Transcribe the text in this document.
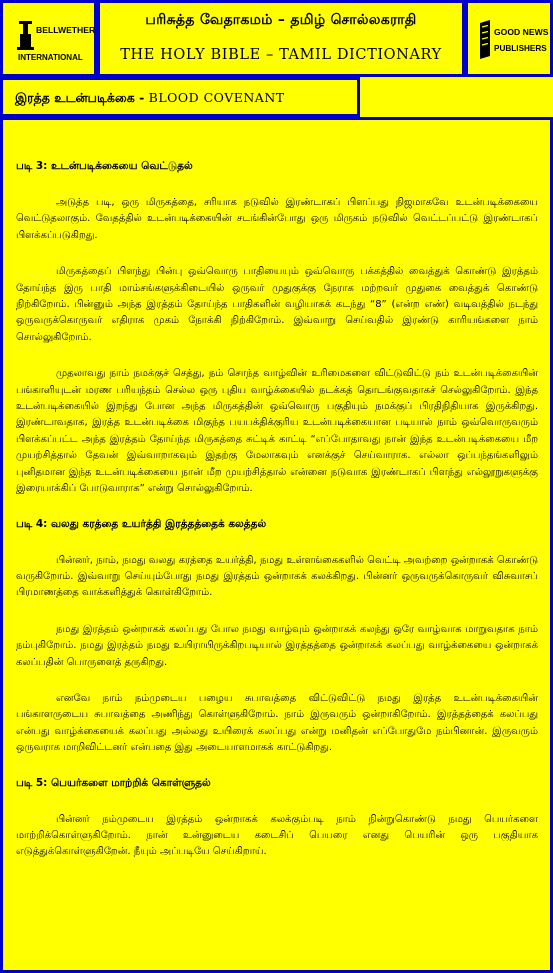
BELLWETHER
INTERNATIONAL
பரிசுத்த வேதாகமம் – தமிழ் சொல்லகராதி
THE HOLY BIBLE – TAMIL DICTIONARY
GOOD NEWS
PUBLISHERS
இரத்த உடன்படிக்கை - BLOOD COVENANT
படி 3: உடன்படிக்கையை வெட்டுதல்

அடுத்த படி, ஒரு மிருகத்தை, சரியாக நடுவில் இரண்டாகப் பிளப்பது நிஜமாகவே உடன்படிக்கையை வெட்டுதலாகும். வேதத்தில் உடன்படிக்கையின் சடங்கின்போது ஒரு மிருகம் நடுவில் வெட்டப்பட்டு இரண்டாகப் பிளக்கப்படுகிறது.

மிருகத்தைப் பிளந்து பின்பு ஒவ்வொரு பாதியையும் ஒவ்வொரு பக்கத்தில் வைத்துக் கொண்டு இரத்தம் தோய்ந்த இரு பாதி மாம்சங்களுக்கிடையில் ஒருவர் முதுகுக்கு நேராக மற்றவர் முதுகை வைத்துக் கொண்டு நிற்கிறோம். பின்னும் அந்த இரத்தம் தோய்ந்த பாதிகளின் வழியாகக் கடந்து “8” (என்ற எண்) வடிவத்தில் நடந்து ஒருவருக்கொருவர் எதிராக முகம் நோக்கி நிற்கிறோம். இவ்வாறு செய்வதில் இரண்டு காரியங்களை நாம் சொல்லுகிறோம்.

முதலாவது நாம் நமக்குச் செத்து, நம் சொந்த வாழ்வின் உரிமைகளை விட்டுவிட்டு நம் உடன்படிக்கையின் பங்காளியுடன் மரண பரியந்தம் செல்ல ஒரு புதிய வாழ்க்கையில் நடக்கத் தொடங்குவதாகச் செல்லுகிறோம். இந்த உடன்படிக்கையில் இறந்து போன அந்த மிருகத்தின் ஒவ்வொரு பகுதியும் நமக்குப் பிரதிநிதியாக இருக்கிறது. இரண்டாவதாக, இரத்த உடன்படிக்கை மிகுந்த பயபக்திக்குரிய உடன்படிக்கையான படியால் நாம் ஒவ்வொருவரும் பிளக்கப்பட்ட அந்த இரத்தம் தோய்ந்த மிருகத்தை சுட்டிக் காட்டி “எப்போதாவது நான் இந்த உடன்படிக்கையை மீற முயற்சித்தால் தேவன் இவ்வாறாகவும் இதற்கு மேலாகவும் எனக்குச் செய்வாராக. எல்லா ஒப்பந்தங்களிலும் புனிதமான இந்த உடன்படிக்கையை நான் மீற முயற்சித்தால் என்னை நடுவாக இரண்டாகப் பிளந்து எல்லூறுகளுக்கு இரையாக்கிப் போடுவாராக” என்று சொல்லுகிறோம்.

படி 4: வலது கரத்தை உயர்த்தி இரத்தத்தைக் கலத்தல்

பின்னர், நாம், நமது வலது கரத்தை உயர்த்தி, நமது உள்ளங்கைகளில் வெட்டி அவற்றை ஒன்றாகக் கொண்டு வருகிறோம். இவ்வாறு செய்யும்போது நமது இரத்தம் ஒன்றாகக் கலக்கிறது. பின்னர் ஒருவருக்கொருவர் விசுவாசப் பிரமாணத்தை வாக்களித்துக் கொள்கிறோம்.

நமது இரத்தம் ஒன்றாகக் கலப்பது போல நமது வாழ்வும் ஒன்றாகக் கலந்து ஒரே வாழ்வாக மாறுவதாக நாம் நம்புகிறோம். நமது இரத்தம் நமது உயிராயிருக்கிறபடியால் இரத்தத்தை ஒன்றாகக் கலப்பது வாழ்க்கையை ஒன்றாகக் கலப்பதின் பொருளைத் தருகிறது.

எனவே நாம் நம்முடைய பழைய சுபாவத்தை விட்டுவிட்டு நமது இரத்த உடன்படிக்கையின் பங்காளருடைய சுபாவத்தை அணிந்து கொள்ளுகிறோம். நாம் இருவரும் ஒன்றாகிறோம். இரத்தத்தைக் கலப்பது என்பது வாழ்க்கையைக் கலப்பது அல்லது உயிரைக் கலப்பது என்று மனிதன் எப்போதுமே நம்பினான். இருவரும் ஒருவராக மாறிவிட்டனர் என்பதை இது அடையாளமாகக் காட்டுகிறது.

படி 5: பெயர்களை மாற்றிக் கொள்ளுதல்

பின்னர் நம்முடைய இரத்தம் ஒன்றாகக் கலக்கும்படி நாம் நின்றுகொண்டு நமது பெயர்களை மாற்றிக்கொள்ளுகிறோம். நான் உன்னுடைய கடைசிப் பெயரை எனது பெயரின் ஒரு பகுதியாக எடுத்துக்கொள்ளுகிறேன். நீயும் அப்படியே செய்கிறாய்.
